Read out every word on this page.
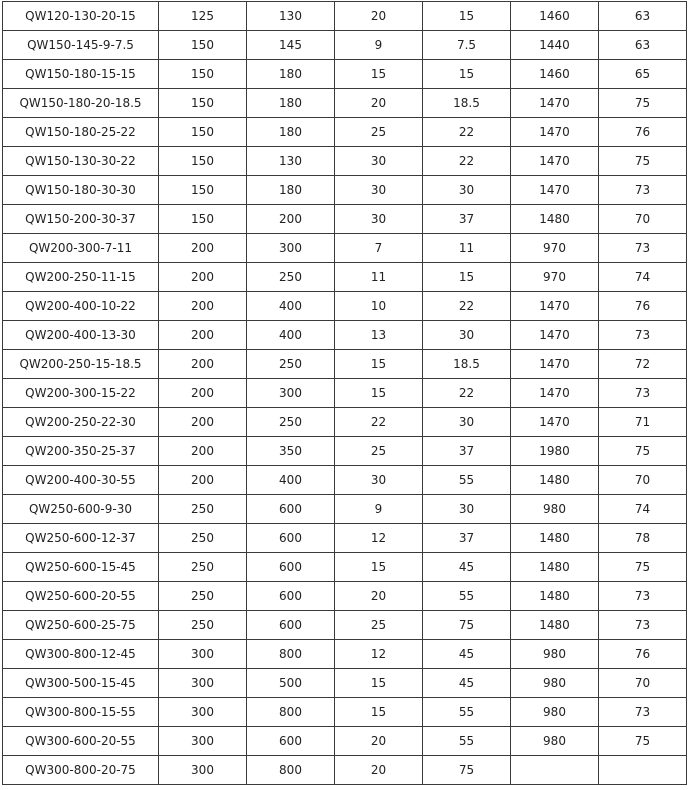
QW120-130-20-15	125	130	20	15	1460	63
QW150-145-9-7.5	150	145	9	7.5	1440	63
QW150-180-15-15	150	180	15	15	1460	65
QW150-180-20-18.5	150	180	20	18.5	1470	75
QW150-180-25-22	150	180	25	22	1470	76
QW150-130-30-22	150	130	30	22	1470	75
QW150-180-30-30	150	180	30	30	1470	73
QW150-200-30-37	150	200	30	37	1480	70
QW200-300-7-11	200	300	7	11	970	73
QW200-250-11-15	200	250	11	15	970	74
QW200-400-10-22	200	400	10	22	1470	76
QW200-400-13-30	200	400	13	30	1470	73
QW200-250-15-18.5	200	250	15	18.5	1470	72
QW200-300-15-22	200	300	15	22	1470	73
QW200-250-22-30	200	250	22	30	1470	71
QW200-350-25-37	200	350	25	37	1980	75
QW200-400-30-55	200	400	30	55	1480	70
QW250-600-9-30	250	600	9	30	980	74
QW250-600-12-37	250	600	12	37	1480	78
QW250-600-15-45	250	600	15	45	1480	75
QW250-600-20-55	250	600	20	55	1480	73
QW250-600-25-75	250	600	25	75	1480	73
QW300-800-12-45	300	800	12	45	980	76
QW300-500-15-45	300	500	15	45	980	70
QW300-800-15-55	300	800	15	55	980	73
QW300-600-20-55	300	600	20	55	980	75
QW300-800-20-75	300	800	20	75		
